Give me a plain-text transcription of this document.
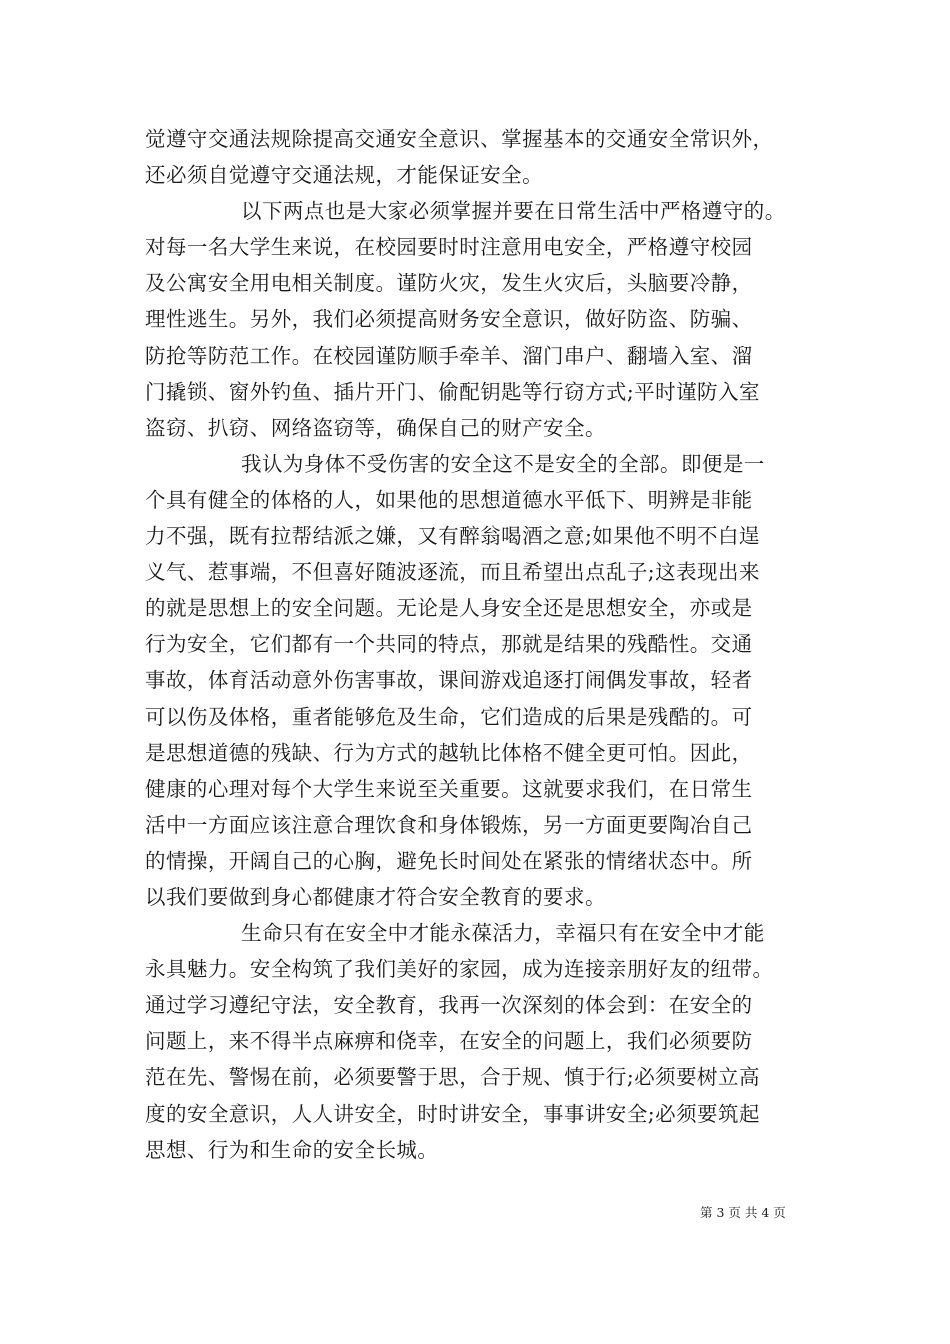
觉遵守交通法规除提高交通安全意识、掌握基本的交通安全常识外，
还必须自觉遵守交通法规，才能保证安全。
以下两点也是大家必须掌握并要在日常生活中严格遵守的。
对每一名大学生来说，在校园要时时注意用电安全，严格遵守校园
及公寓安全用电相关制度。谨防火灾，发生火灾后，头脑要冷静，
理性逃生。另外，我们必须提高财务安全意识，做好防盗、防骗、
防抢等防范工作。在校园谨防顺手牵羊、溜门串户、翻墙入室、溜
门撬锁、窗外钓鱼、插片开门、偷配钥匙等行窃方式;平时谨防入室
盗窃、扒窃、网络盗窃等，确保自己的财产安全。
我认为身体不受伤害的安全这不是安全的全部。即便是一
个具有健全的体格的人，如果他的思想道德水平低下、明辨是非能
力不强，既有拉帮结派之嫌，又有醉翁喝酒之意;如果他不明不白逞
义气、惹事端，不但喜好随波逐流，而且希望出点乱子;这表现出来
的就是思想上的安全问题。无论是人身安全还是思想安全，亦或是
行为安全，它们都有一个共同的特点，那就是结果的残酷性。交通
事故，体育活动意外伤害事故，课间游戏追逐打闹偶发事故，轻者
可以伤及体格，重者能够危及生命，它们造成的后果是残酷的。可
是思想道德的残缺、行为方式的越轨比体格不健全更可怕。因此，
健康的心理对每个大学生来说至关重要。这就要求我们，在日常生
活中一方面应该注意合理饮食和身体锻炼，另一方面更要陶冶自己
的情操，开阔自己的心胸，避免长时间处在紧张的情绪状态中。所
以我们要做到身心都健康才符合安全教育的要求。
生命只有在安全中才能永葆活力，幸福只有在安全中才能
永具魅力。安全构筑了我们美好的家园，成为连接亲朋好友的纽带。
通过学习遵纪守法，安全教育，我再一次深刻的体会到：在安全的
问题上，来不得半点麻痹和侥幸，在安全的问题上，我们必须要防
范在先、警惕在前，必须要警于思，合于规、慎于行;必须要树立高
度的安全意识，人人讲安全，时时讲安全，事事讲安全;必须要筑起
思想、行为和生命的安全长城。
第 3 页 共 4 页
